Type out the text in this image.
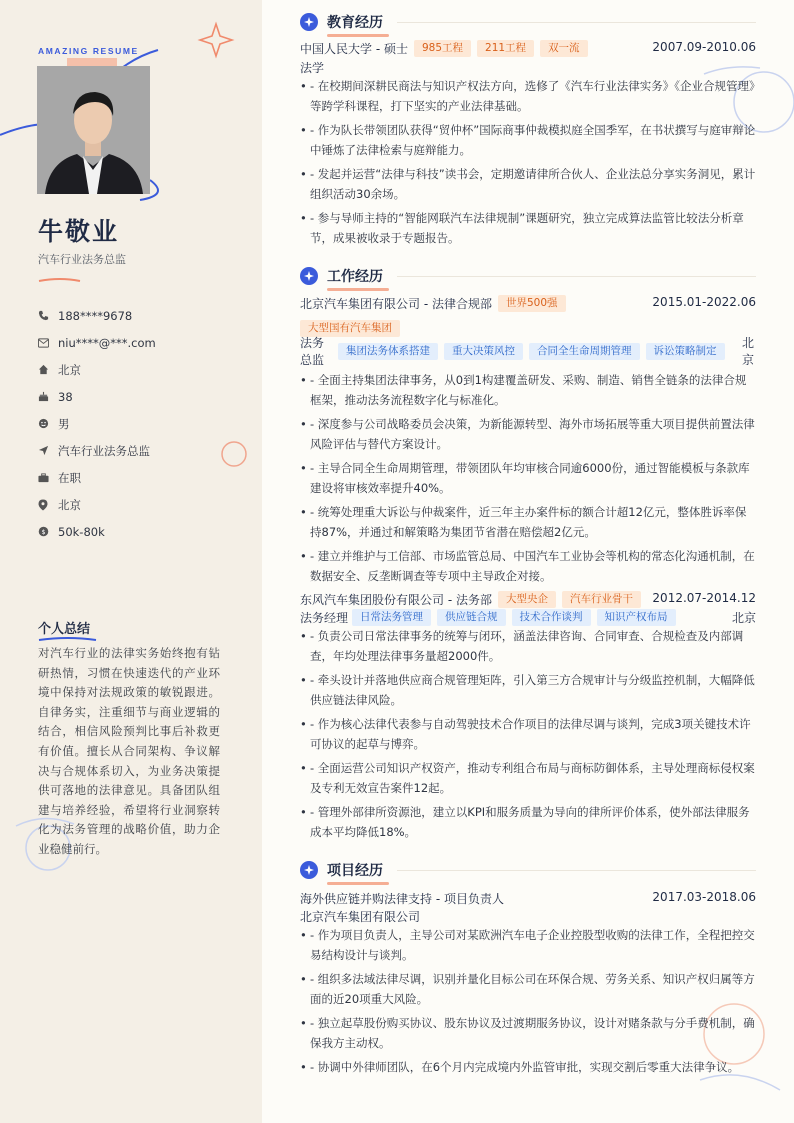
AMAZING RESUME
牛敬业
汽车行业法务总监
188****9678
niu****@***.com
北京
38
男
汽车行业法务总监
在职
北京
$ 50k-80k
个人总结
对汽车行业的法律实务始终抱有钻研热情，习惯在快速迭代的产业环境中保持对法规政策的敏锐跟进。自律务实，注重细节与商业逻辑的结合，相信风险预判比事后补救更有价值。擅长从合同架构、争议解决与合规体系切入，为业务决策提供可落地的法律意见。具备团队组建与培养经验，希望将行业洞察转化为法务管理的战略价值，助力企业稳健前行。
教育经历
中国人民大学 - 硕士	985工程	211工程	双一流	2007.09-2010.06
法学
• - 在校期间深耕民商法与知识产权法方向，选修了《汽车行业法律实务》《企业合规管理》等跨学科课程，打下坚实的产业法律基础。
• - 作为队长带领团队获得“贸仲杯”国际商事仲裁模拟庭全国季军，在书状撰写与庭审辩论中锤炼了法律检索与庭辩能力。
• - 发起并运营“法律与科技”读书会，定期邀请律所合伙人、企业法总分享实务洞见，累计组织活动30余场。
• - 参与导师主持的“智能网联汽车法律规制”课题研究，独立完成算法监管比较法分析章节，成果被收录于专题报告。
工作经历
北京汽车集团有限公司 - 法律合规部	世界500强	2015.01-2022.06
大型国有汽车集团
法务总监
集团法务体系搭建	重大决策风控	合同全生命周期管理	诉讼策略制定
北京
• - 全面主持集团法律事务，从0到1构建覆盖研发、采购、制造、销售全链条的法律合规框架，推动法务流程数字化与标准化。
• - 深度参与公司战略委员会决策，为新能源转型、海外市场拓展等重大项目提供前置法律风险评估与替代方案设计。
• - 主导合同全生命周期管理，带领团队年均审核合同逾6000份，通过智能模板与条款库建设将审核效率提升40%。
• - 统筹处理重大诉讼与仲裁案件，近三年主办案件标的额合计超12亿元，整体胜诉率保持87%，并通过和解策略为集团节省潜在赔偿超2亿元。
• - 建立并维护与工信部、市场监管总局、中国汽车工业协会等机构的常态化沟通机制，在数据安全、反垄断调查等专项中主导政企对接。
东风汽车集团股份有限公司 - 法务部	大型央企	汽车行业骨干	2012.07-2014.12
法务经理	日常法务管理	供应链合规	技术合作谈判	知识产权布局	北京
• - 负责公司日常法律事务的统筹与闭环，涵盖法律咨询、合同审查、合规检查及内部调查，年均处理法律事务量超2000件。
• - 牵头设计并落地供应商合规管理矩阵，引入第三方合规审计与分级监控机制，大幅降低供应链法律风险。
• - 作为核心法律代表参与自动驾驶技术合作项目的法律尽调与谈判，完成3项关键技术许可协议的起草与博弈。
• - 全面运营公司知识产权资产，推动专利组合布局与商标防御体系，主导处理商标侵权案及专利无效宣告案件12起。
• - 管理外部律所资源池，建立以KPI和服务质量为导向的律所评价体系，使外部法律服务成本平均降低18%。
项目经历
海外供应链并购法律支持 - 项目负责人	2017.03-2018.06
北京汽车集团有限公司
• - 作为项目负责人，主导公司对某欧洲汽车电子企业控股型收购的法律工作，全程把控交易结构设计与谈判。
• - 组织多法域法律尽调，识别并量化目标公司在环保合规、劳务关系、知识产权归属等方面的近20项重大风险。
• - 独立起草股份购买协议、股东协议及过渡期服务协议，设计对赌条款与分手费机制，确保我方主动权。
• - 协调中外律师团队，在6个月内完成境内外监管审批，实现交割后零重大法律争议。
